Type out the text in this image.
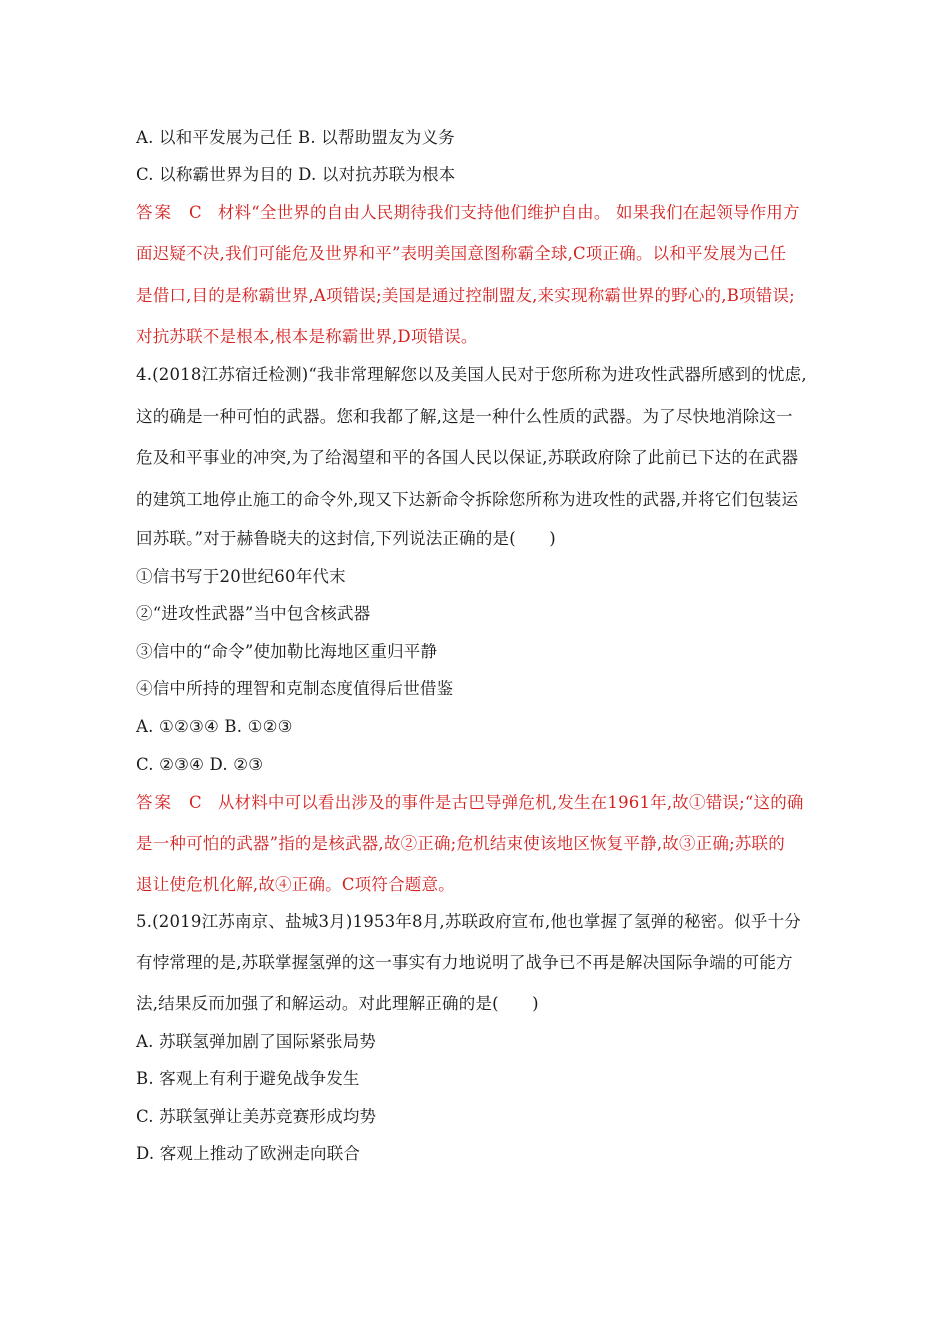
A. 以和平发展为己任 B. 以帮助盟友为义务
C. 以称霸世界为目的 D. 以对抗苏联为根本
答案 C 材料“全世界的自由人民期待我们支持他们维护自由。 如果我们在起领导作用方
面迟疑不决,我们可能危及世界和平”表明美国意图称霸全球,C项正确。以和平发展为己任
是借口,目的是称霸世界,A项错误;美国是通过控制盟友,来实现称霸世界的野心的,B项错误;
对抗苏联不是根本,根本是称霸世界,D项错误。
4.(2018江苏宿迁检测)“我非常理解您以及美国人民对于您所称为进攻性武器所感到的忧虑,
这的确是一种可怕的武器。您和我都了解,这是一种什么性质的武器。为了尽快地消除这一
危及和平事业的冲突,为了给渴望和平的各国人民以保证,苏联政府除了此前已下达的在武器
的建筑工地停止施工的命令外,现又下达新命令拆除您所称为进攻性的武器,并将它们包装运
回苏联。”对于赫鲁晓夫的这封信,下列说法正确的是(　　)
①信书写于20世纪60年代末
②“进攻性武器”当中包含核武器
③信中的“命令”使加勒比海地区重归平静
④信中所持的理智和克制态度值得后世借鉴
A. ①②③④ B. ①②③
C. ②③④ D. ②③
答案 C 从材料中可以看出涉及的事件是古巴导弹危机,发生在1961年,故①错误;“这的确
是一种可怕的武器”指的是核武器,故②正确;危机结束使该地区恢复平静,故③正确;苏联的
退让使危机化解,故④正确。C项符合题意。
5.(2019江苏南京、盐城3月)1953年8月,苏联政府宣布,他也掌握了氢弹的秘密。似乎十分
有悖常理的是,苏联掌握氢弹的这一事实有力地说明了战争已不再是解决国际争端的可能方
法,结果反而加强了和解运动。对此理解正确的是(　　)
A. 苏联氢弹加剧了国际紧张局势
B. 客观上有利于避免战争发生
C. 苏联氢弹让美苏竞赛形成均势
D. 客观上推动了欧洲走向联合
